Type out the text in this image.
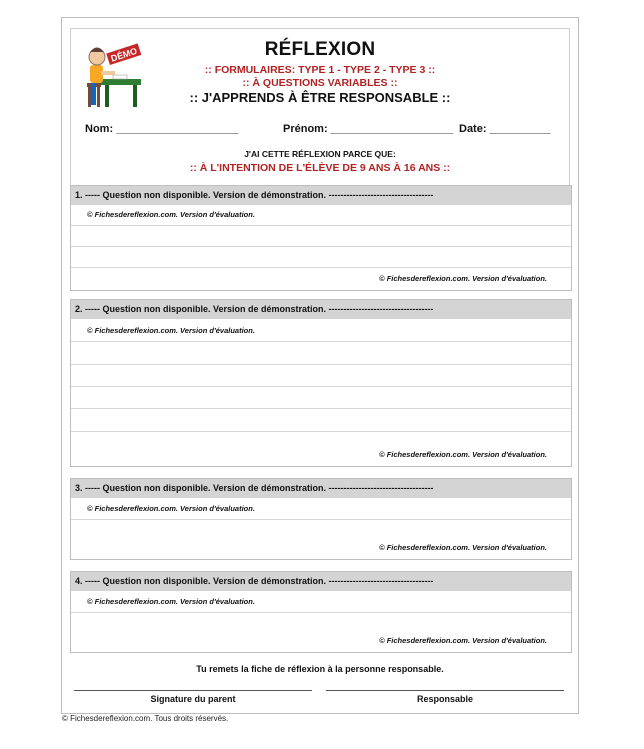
DÉMO	RÉFLEXION
:: FORMULAIRES: TYPE 1 - TYPE 2 - TYPE 3 ::
:: À QUESTIONS VARIABLES ::
:: J'APPRENDS À ÊTRE RESPONSABLE ::
Nom: ____________________	Prénom: ____________________ Date: __________
J'AI CETTE RÉFLEXION PARCE QUE:
:: À L'INTENTION DE L'ÉLÈVE DE 9 ANS À 16 ANS ::
1. ----- Question non disponible. Version de démonstration. -----------------------------------
© Fichesdereflexion.com. Version d'évaluation.
© Fichesdereflexion.com. Version d'évaluation.
2. ----- Question non disponible. Version de démonstration. -----------------------------------
© Fichesdereflexion.com. Version d'évaluation.
© Fichesdereflexion.com. Version d'évaluation.
3. ----- Question non disponible. Version de démonstration. -----------------------------------
© Fichesdereflexion.com. Version d'évaluation.
© Fichesdereflexion.com. Version d'évaluation.
4. ----- Question non disponible. Version de démonstration. -----------------------------------
© Fichesdereflexion.com. Version d'évaluation.
© Fichesdereflexion.com. Version d'évaluation.
Tu remets la fiche de réflexion à la personne responsable.
Signature du parent	Responsable
© Fichesdereflexion.com. Tous droits réservés.
